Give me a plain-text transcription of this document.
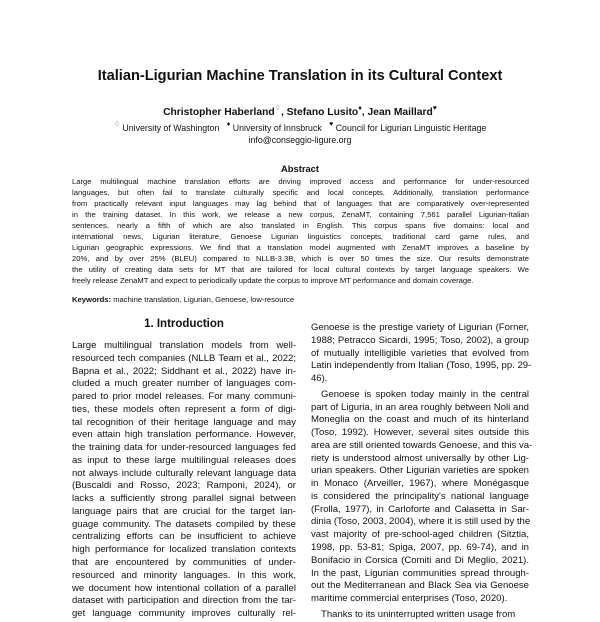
Italian-Ligurian Machine Translation in its Cultural Context
Christopher Haberland♢, Stefano Lusito♦, Jean Maillard♥
♢ University of Washington ♦ University of Innsbruck ♥ Council for Ligurian Linguistic Heritage
info@conseggio-ligure.org
Abstract
Large multilingual machine translation efforts are driving improved access and performance for under-resourced
languages, but often fail to translate culturally specific and local concepts. Additionally, translation performance
from practically relevant input languages may lag behind that of languages that are comparatively over-represented
in the training dataset. In this work, we release a new corpus, ZenaMT, containing 7,561 parallel Ligurian-Italian
sentences, nearly a fifth of which are also translated in English. This corpus spans five domains: local and
international news, Ligurian literature, Genoese Ligurian linguistics concepts, traditional card game rules, and
Ligurian geographic expressions. We find that a translation model augmented with ZenaMT improves a baseline by
20%, and by over 25% (BLEU) compared to NLLB-3.3B, which is over 50 times the size. Our results demonstrate
the utility of creating data sets for MT that are tailored for local cultural contexts by target language speakers. We
freely release ZenaMT and expect to periodically update the corpus to improve MT performance and domain coverage.
Keywords: machine translation, Ligurian, Genoese, low-resource
1. Introduction
Large multilingual translation models from well-
resourced tech companies (NLLB Team et al., 2022;
Bapna et al., 2022; Siddhant et al., 2022) have in-
cluded a much greater number of languages com-
pared to prior model releases. For many communi-
ties, these models often represent a form of digi-
tal recognition of their heritage language and may
even attain high translation performance. However,
the training data for under-resourced languages fed
as input to these large multilingual releases does
not always include culturally relevant language data
(Buscaldi and Rosso, 2023; Ramponi, 2024), or
lacks a sufficiently strong parallel signal between
language pairs that are crucial for the target lan-
guage community. The datasets compiled by these
centralizing efforts can be insufficient to achieve
high performance for localized translation contexts
that are encountered by communities of under-
resourced and minority languages. In this work,
we document how intentional collation of a parallel
dataset with participation and direction from the tar-
get language community improves culturally rel-
Genoese is the prestige variety of Ligurian (Forner,
1988; Petracco Sicardi, 1995; Toso, 2002), a group
of mutually intelligible varieties that evolved from
Latin independently from Italian (Toso, 1995, pp. 29-
46).
Genoese is spoken today mainly in the central
part of Liguria, in an area roughly between Noli and
Moneglia on the coast and much of its hinterland
(Toso, 1992). However, several sites outside this
area are still oriented towards Genoese, and this va-
riety is understood almost universally by other Lig-
urian speakers. Other Ligurian varieties are spoken
in Monaco (Arveiller, 1967), where Monégasque
is considered the principality's national language
(Frolla, 1977), in Carloforte and Calasetta in Sar-
dinia (Toso, 2003, 2004), where it is still used by the
vast majority of pre-school-aged children (Sitztia,
1998, pp. 53-81; Spiga, 2007, pp. 69-74), and in
Bonifacio in Corsica (Comiti and Di Meglio, 2021).
In the past, Ligurian communities spread through-
out the Mediterranean and Black Sea via Genoese
maritime commercial enterprises (Toso, 2020).
Thanks to its uninterrupted written usage from
